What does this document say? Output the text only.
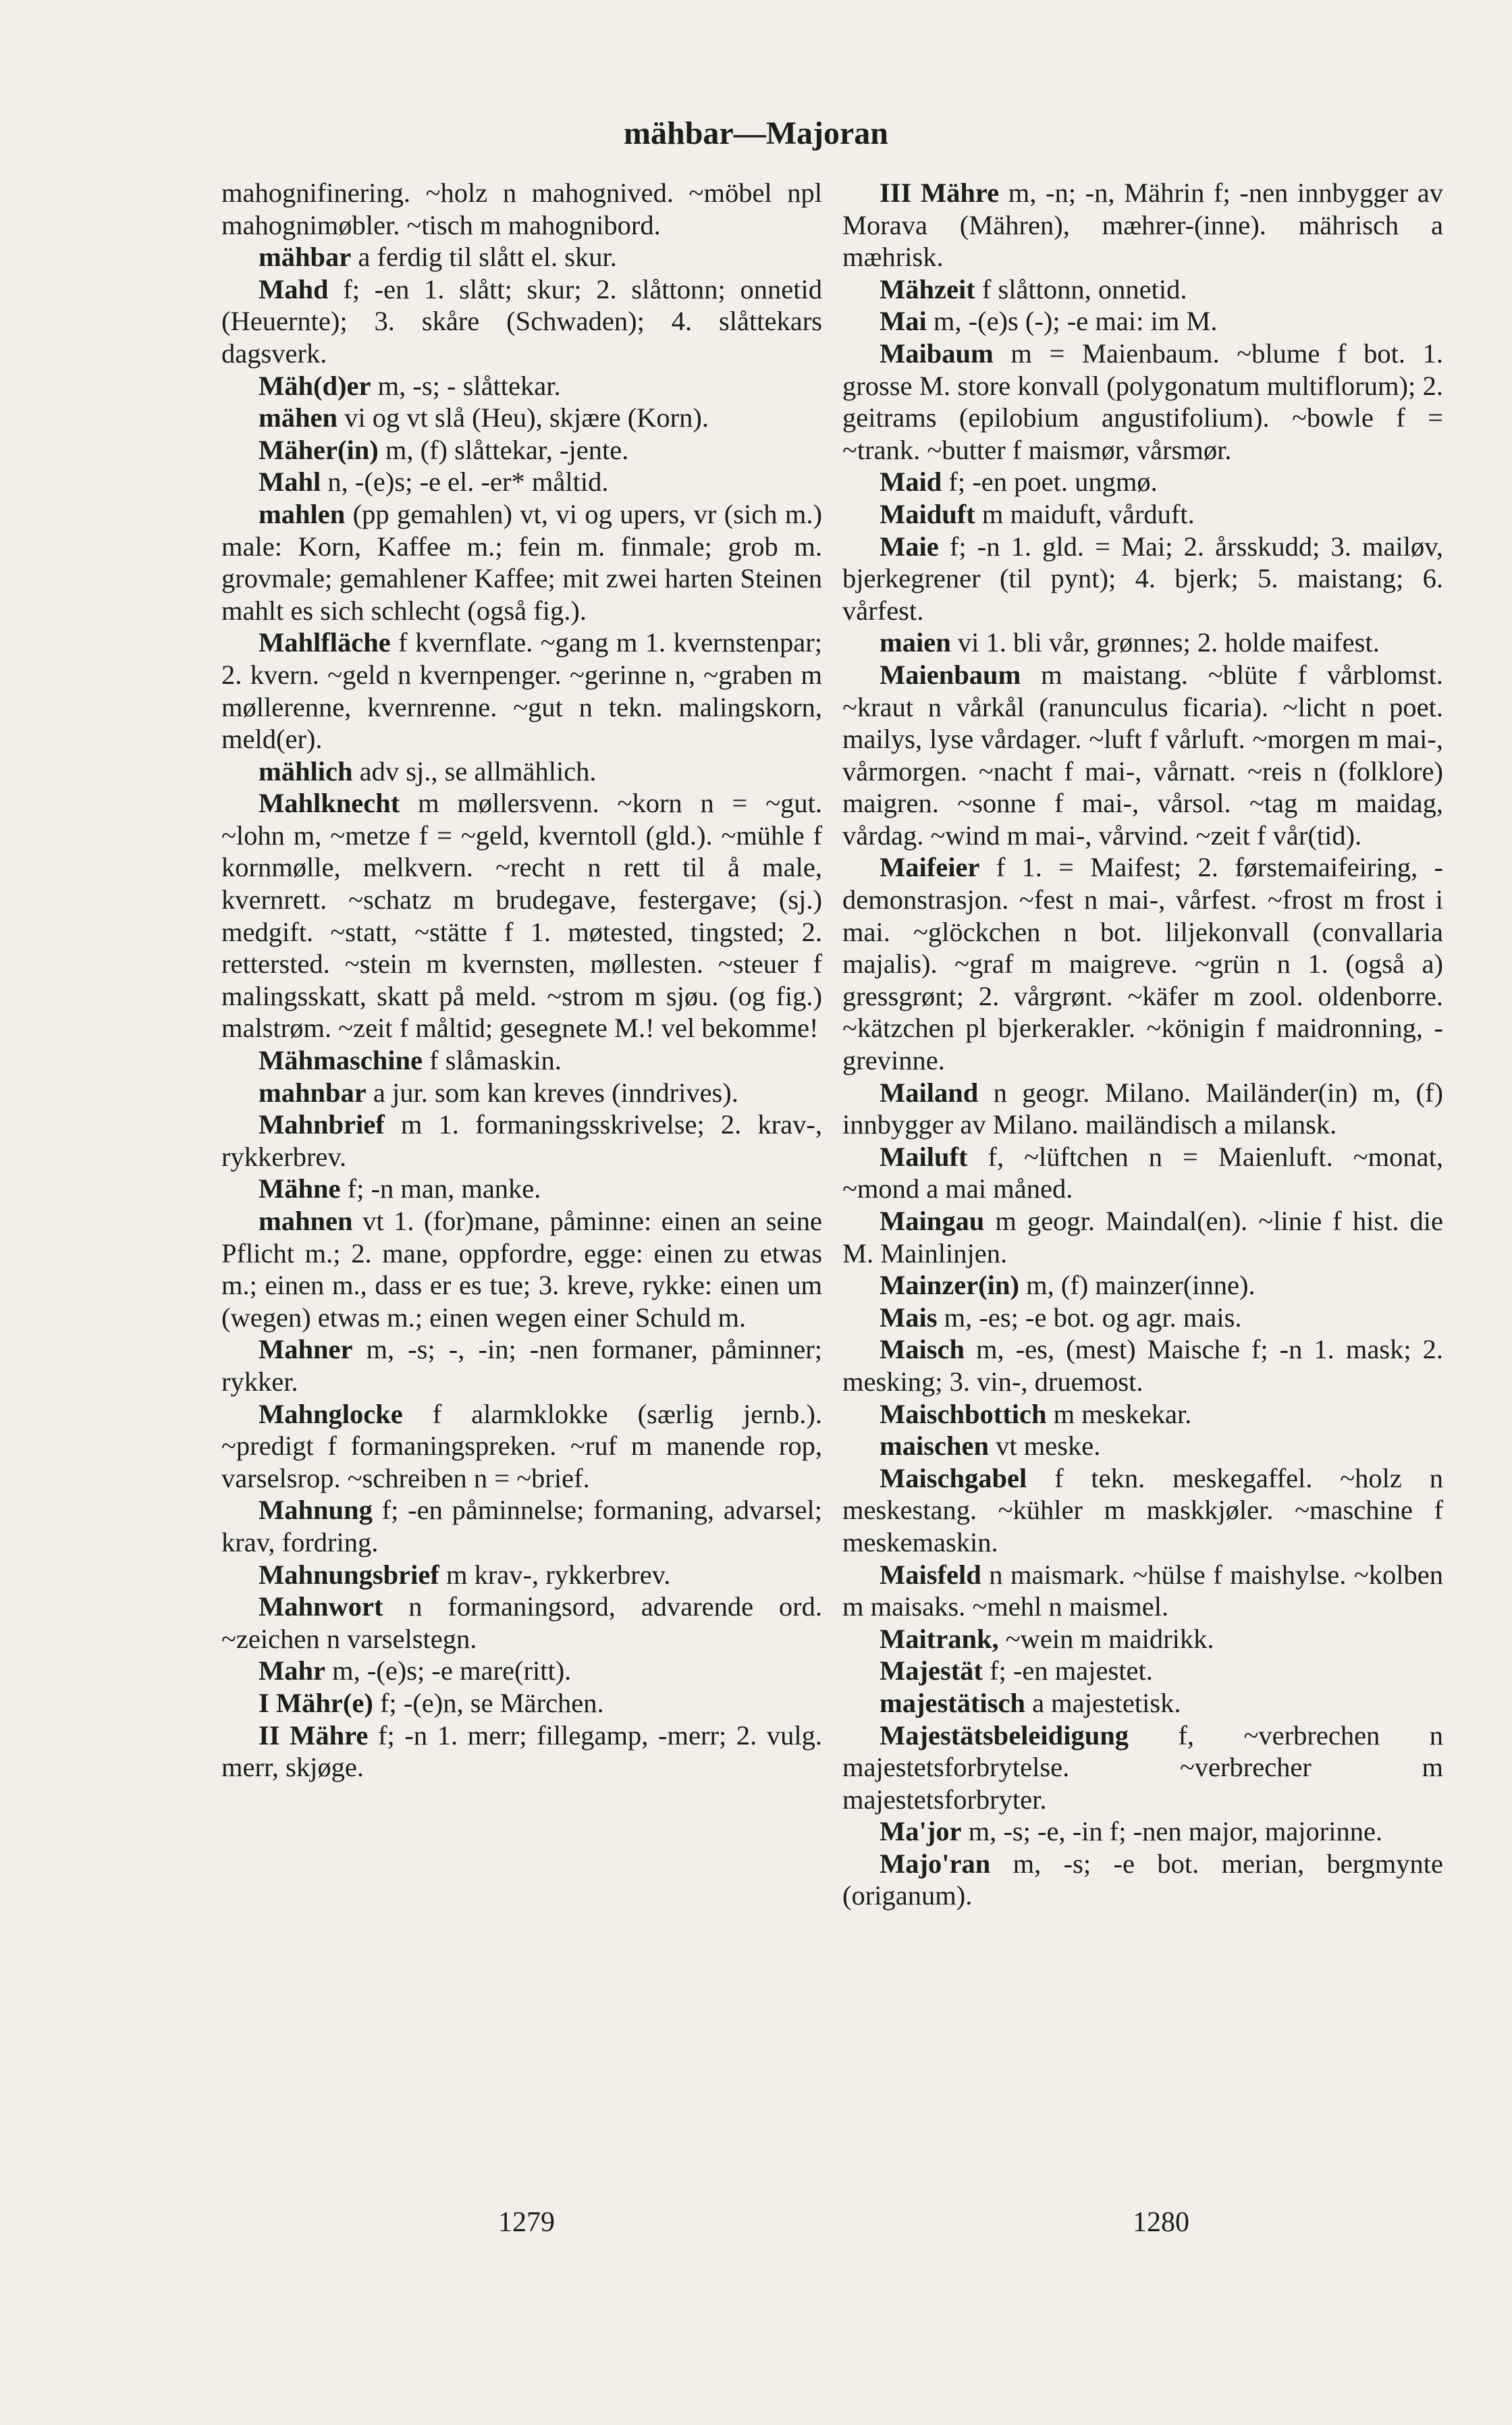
mähbar—Majoran

mahognifinering. ~holz n mahognived. ~möbel npl mahognimøbler. ~tisch m mahognibord.

mähbar a ferdig til slått el. skur.

Mahd f; -en 1. slått; skur; 2. slåttonn; onnetid (Heuernte); 3. skåre (Schwaden); 4. slåttekars dagsverk.

Mäh(d)er m, -s; - slåttekar.

mähen vi og vt slå (Heu), skjære (Korn).

Mäher(in) m, (f) slåttekar, -jente.

Mahl n, -(e)s; -e el. -er* måltid.

mahlen (pp gemahlen) vt, vi og upers, vr (sich m.) male: Korn, Kaffee m.; fein m. finmale; grob m. grovmale; gemahlener Kaffee; mit zwei harten Steinen mahlt es sich schlecht (også fig.).

Mahlfläche f kvernflate. ~gang m 1. kvernstenpar; 2. kvern. ~geld n kvernpenger. ~gerinne n, ~graben m møllerenne, kvernrenne. ~gut n tekn. malingskorn, meld(er).

mählich adv sj., se allmählich.

Mahlknecht m møllersvenn. ~korn n = ~gut. ~lohn m, ~metze f = ~geld, kverntoll (gld.). ~mühle f kornmølle, melkvern. ~recht n rett til å male, kvernrett. ~schatz m brudegave, festergave; (sj.) medgift. ~statt, ~stätte f 1. møtested, tingsted; 2. rettersted. ~stein m kvernsten, møllesten. ~steuer f malingsskatt, skatt på meld. ~strom m sjøu. (og fig.) malstrøm. ~zeit f måltid; gesegnete M.! vel bekomme!

Mähmaschine f slåmaskin.

mahnbar a jur. som kan kreves (inndrives).

Mahnbrief m 1. formaningsskrivelse; 2. krav-, rykkerbrev.

Mähne f; -n man, manke.

mahnen vt 1. (for)mane, påminne: einen an seine Pflicht m.; 2. mane, oppfordre, egge: einen zu etwas m.; einen m., dass er es tue; 3. kreve, rykke: einen um (wegen) etwas m.; einen wegen einer Schuld m.

Mahner m, -s; -, -in; -nen formaner, påminner; rykker.

Mahnglocke f alarmklokke (særlig jernb.). ~predigt f formaningspreken. ~ruf m manende rop, varselsrop. ~schreiben n = ~brief.

Mahnung f; -en påminnelse; formaning, advarsel; krav, fordring.

Mahnungsbrief m krav-, rykkerbrev.

Mahnwort n formaningsord, advarende ord. ~zeichen n varselstegn.

Mahr m, -(e)s; -e mare(ritt).

I Mähr(e) f; -(e)n, se Märchen.

II Mähre f; -n 1. merr; fillegamp, -merr; 2. vulg. merr, skjøge.

III Mähre m, -n; -n, Mährin f; -nen innbygger av Morava (Mähren), mæhrer-(inne). mährisch a mæhrisk.

Mähzeit f slåttonn, onnetid.

Mai m, -(e)s (-); -e mai: im M.

Maibaum m = Maienbaum. ~blume f bot. 1. grosse M. store konvall (polygonatum multiflorum); 2. geitrams (epilobium angustifolium). ~bowle f = ~trank. ~butter f maismør, vårsmør.

Maid f; -en poet. ungmø.

Maiduft m maiduft, vårduft.

Maie f; -n 1. gld. = Mai; 2. årsskudd; 3. mailøv, bjerkegrener (til pynt); 4. bjerk; 5. maistang; 6. vårfest.

maien vi 1. bli vår, grønnes; 2. holde maifest.

Maienbaum m maistang. ~blüte f vårblomst. ~kraut n vårkål (ranunculus ficaria). ~licht n poet. mailys, lyse vårdager. ~luft f vårluft. ~morgen m mai-, vårmorgen. ~nacht f mai-, vårnatt. ~reis n (folklore) maigren. ~sonne f mai-, vårsol. ~tag m maidag, vårdag. ~wind m mai-, vårvind. ~zeit f vår(tid).

Maifeier f 1. = Maifest; 2. førstemaifeiring, -demonstrasjon. ~fest n mai-, vårfest. ~frost m frost i mai. ~glöckchen n bot. liljekonvall (convallaria majalis). ~graf m maigreve. ~grün n 1. (også a) gressgrønt; 2. vårgrønt. ~käfer m zool. oldenborre. ~kätzchen pl bjerkerakler. ~königin f maidronning, -grevinne.

Mailand n geogr. Milano. Mailänder(in) m, (f) innbygger av Milano. mailändisch a milansk.

Mailuft f, ~lüftchen n = Maienluft. ~monat, ~mond a mai måned.

Maingau m geogr. Maindal(en). ~linie f hist. die M. Mainlinjen.

Mainzer(in) m, (f) mainzer(inne).

Mais m, -es; -e bot. og agr. mais.

Maisch m, -es, (mest) Maische f; -n 1. mask; 2. mesking; 3. vin-, druemost.

Maischbottich m meskekar.

maischen vt meske.

Maischgabel f tekn. meskegaffel. ~holz n meskestang. ~kühler m maskkjøler. ~maschine f meskemaskin.

Maisfeld n maismark. ~hülse f maishylse. ~kolben m maisaks. ~mehl n maismel.

Maitrank, ~wein m maidrikk.

Majestät f; -en majestet.

majestätisch a majestetisk.

Majestätsbeleidigung f, ~verbrechen n majestetsforbrytelse. ~verbrecher m majestetsforbryter.

Ma'jor m, -s; -e, -in f; -nen major, majorinne.

Majo'ran m, -s; -e bot. merian, bergmynte (origanum).

1279	1280
